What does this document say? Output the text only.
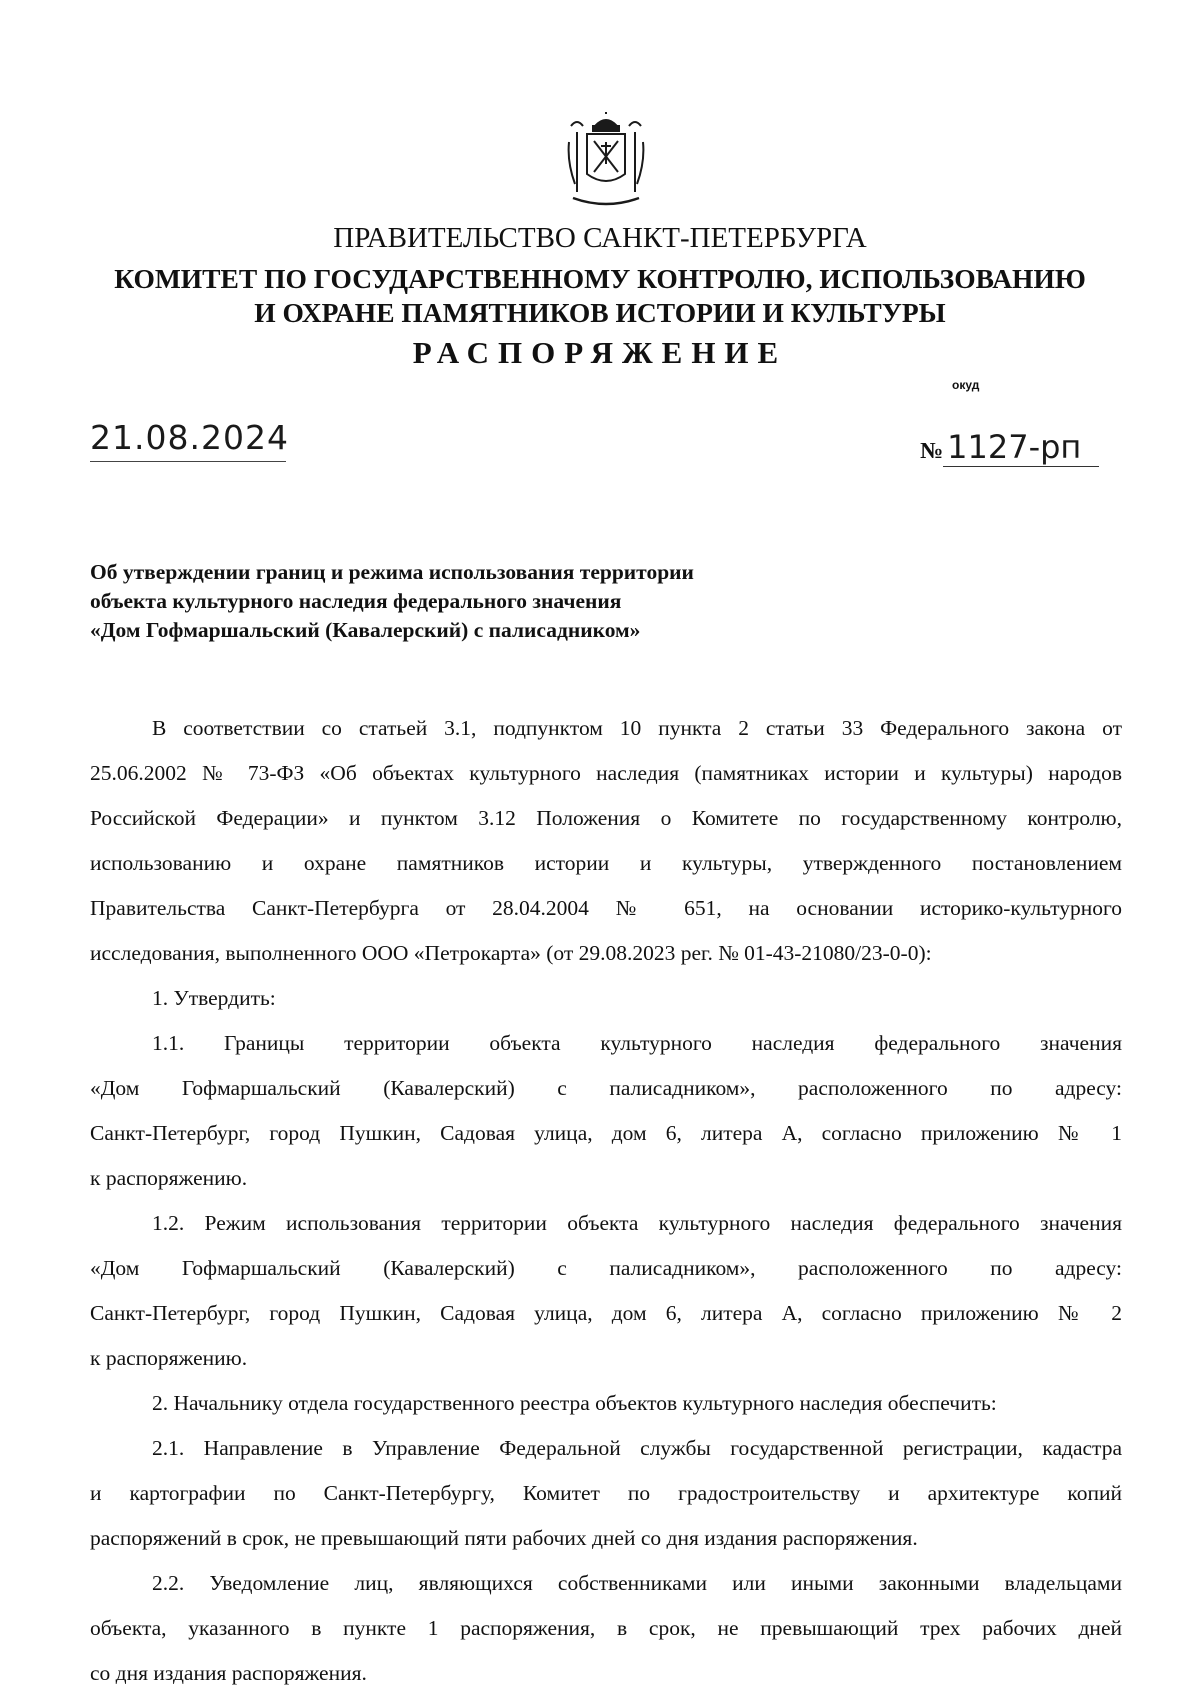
ПРАВИТЕЛЬСТВО САНКТ-ПЕТЕРБУРГА
КОМИТЕТ ПО ГОСУДАРСТВЕННОМУ КОНТРОЛЮ, ИСПОЛЬЗОВАНИЮ
И ОХРАНЕ ПАМЯТНИКОВ ИСТОРИИ И КУЛЬТУРЫ
РАСПОРЯЖЕНИЕ
окуд
21.08.2024	№ 1127-рп
Об утверждении границ и режима использования территории
объекта культурного наследия федерального значения
«Дом Гофмаршальский (Кавалерский) с палисадником»
В соответствии со статьей 3.1, подпунктом 10 пункта 2 статьи 33 Федерального закона от
25.06.2002 № 73-ФЗ «Об объектах культурного наследия (памятниках истории и культуры) народов
Российской Федерации» и пунктом 3.12 Положения о Комитете по государственному контролю,
использованию и охране памятников истории и культуры, утвержденного постановлением
Правительства Санкт-Петербурга от 28.04.2004 № 651, на основании историко-культурного
исследования, выполненного ООО «Петрокарта» (от 29.08.2023 рег. № 01-43-21080/23-0-0):
1. Утвердить:
1.1. Границы территории объекта культурного наследия федерального значения
«Дом Гофмаршальский (Кавалерский) с палисадником», расположенного по адресу:
Санкт-Петербург, город Пушкин, Садовая улица, дом 6, литера А, согласно приложению № 1
к распоряжению.
1.2. Режим использования территории объекта культурного наследия федерального значения
«Дом Гофмаршальский (Кавалерский) с палисадником», расположенного по адресу:
Санкт-Петербург, город Пушкин, Садовая улица, дом 6, литера А, согласно приложению № 2
к распоряжению.
2. Начальнику отдела государственного реестра объектов культурного наследия обеспечить:
2.1. Направление в Управление Федеральной службы государственной регистрации, кадастра
и картографии по Санкт-Петербургу, Комитет по градостроительству и архитектуре копий
распоряжений в срок, не превышающий пяти рабочих дней со дня издания распоряжения.
2.2. Уведомление лиц, являющихся собственниками или иными законными владельцами
объекта, указанного в пункте 1 распоряжения, в срок, не превышающий трех рабочих дней
со дня издания распоряжения.
